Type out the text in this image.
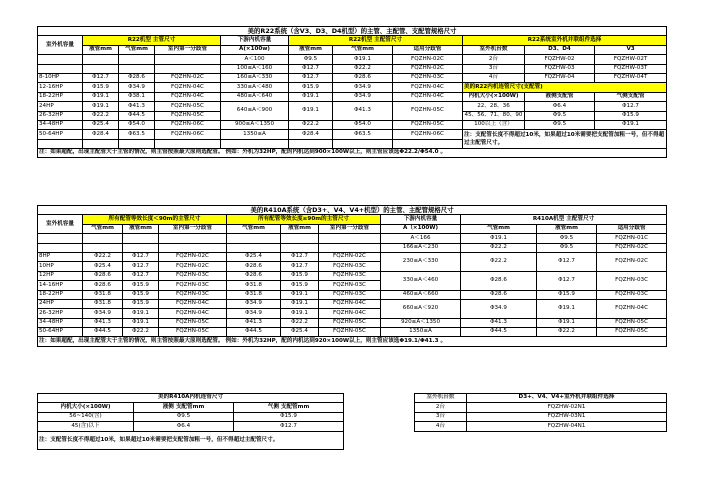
美的R22系统（含V3、D3、D4机型）的主管、主配管、支配管规格尺寸										
室外机容量	R22机型 主管尺寸			下游内机容量	R22机型 主配管尺寸			R22系统室外机并联组件选择		
	液管mm	气管mm	室内第一分歧管	A(×100w)	液管mm	气管mm	适用分歧管	室外机台数	D3、D4	V3
				A＜100	Φ9.5	Φ19.1	FQZHN-02C	2台	FQZHW-02	FQZHW-02T
				100≤A＜160	Φ12.7	Φ22.2	FQZHN-02C	3台	FQZHW-03	FQZHW-03T
8-10HP	Φ12.7	Φ28.6	FQZHN-02C	160≤A＜330	Φ12.7	Φ28.6	FQZHN-03C	4台	FQZHW-04	FQZHW-04T
12-16HP	Φ15.9	Φ34.9	FQZHN-04C	330≤A＜480	Φ15.9	Φ34.9	FQZHN-04C	美的R22内机连管尺寸(支配管)		
18-22HP	Φ19.1	Φ38.1	FQZHN-04C	480≤A＜640	Φ19.1	Φ34.9	FQZHN-04C	内机大小(×100W)	液侧支配管	气侧支配管
24HP	Φ19.1	Φ41.3	FQZHN-05C	640≤A＜900	Φ19.1	Φ41.3	FQZHN-05C	22、28、36	Φ6.4	Φ12.7
26-32HP	Φ22.2	Φ44.5	FQZHN-05C					45、56、71、80、90	Φ9.5	Φ15.9
34-48HP	Φ25.4	Φ54.0	FQZHN-06C	900≤A＜1350	Φ22.2	Φ54.0	FQZHN-05C	100以上（含）	Φ9.5	Φ19.1
50-64HP	Φ28.4	Φ63.5	FQZHN-06C	1350≤A	Φ28.4	Φ63.5	FQZHN-06C	注：支配管长度不得超过10米，如果超过10米需要把支配管加粗一号，但不得超过主配管尺寸。		

注：如果超配，出现主配管大于主管的情况，则主管按照最大原则选配管。 例如：外机为32HP，配的内机达到900×100W以上，则主管应该选Φ22.2/Φ54.0 。										
美的R410A系统（含D3+、V4、V4+机型）的主管、主配管规格尺寸										
室外机容量	所有配管等效长度＜90m的主管尺寸			所有配管等效长度≥90m的主管尺寸			下游内机容量	R410A机型 主配管尺寸		
	气管mm	液管mm	室内第一分歧管	气管mm	液管mm	室内第一分歧管	A（×100W)	气管mm	液管mm	适用分歧管
							A＜166	Φ19.1	Φ9.5	FQZHN-01C
							166≤A＜230	Φ22.2	Φ9.5	FQZHN-02C
8HP	Φ22.2	Φ12.7	FQZHN-02C	Φ25.4	Φ12.7	FQZHN-02C	230≤A＜330	Φ22.2	Φ12.7	FQZHN-02C
10HP	Φ25.4	Φ12.7	FQZHN-02C	Φ28.6	Φ12.7	FQZHN-03C				
12HP	Φ28.6	Φ12.7	FQZHN-03C	Φ28.6	Φ15.9	FQZHN-03C	330≤A＜460	Φ28.6	Φ12.7	FQZHN-03C
14-16HP	Φ28.6	Φ15.9	FQZHN-03C	Φ31.8	Φ15.9	FQZHN-03C				
18-22HP	Φ31.8	Φ15.9	FQZHN-03C	Φ31.8	Φ19.1	FQZHN-03C	460≤A＜660	Φ28.6	Φ15.9	FQZHN-03C
24HP	Φ31.8	Φ15.9	FQZHN-04C	Φ34.9	Φ19.1	FQZHN-04C	660≤A＜920	Φ34.9	Φ19.1	FQZHN-04C
26-32HP	Φ34.9	Φ19.1	FQZHN-04C	Φ34.9	Φ19.1	FQZHN-04C				
34-48HP	Φ41.3	Φ19.1	FQZHN-05C	Φ41.3	Φ22.2	FQZHN-05C	920≤A＜1350	Φ41.3	Φ19.1	FQZHN-05C
50-64HP	Φ44.5	Φ22.2	FQZHN-05C	Φ44.5	Φ25.4	FQZHN-05C	1350≤A	Φ44.5	Φ22.2	FQZHN-05C
注：如果超配，出现主配管大于主管的情况，则主管按照最大原则选配管。 例如：外机为32HP，配的内机达到920×100W以上，则主管应该选Φ19.1/Φ41.3 。										
美的R410A内机连管尺寸		
内机大小(×100W)	液侧 支配管mm	气侧 支配管mm
56~140(含)	Φ9.5	Φ15.9
45(含)以下	Φ6.4	Φ12.7
注：支配管长度不得超过10米，如果超过10米需要把支配管加粗一号，但不得超过主配管尺寸。		

室外机台数	D3+、V4、V4+室外机并联组件选择
2台	FQZHW-02N1
3台	FQZHW-03N1
4台	FQZHW-04N1
